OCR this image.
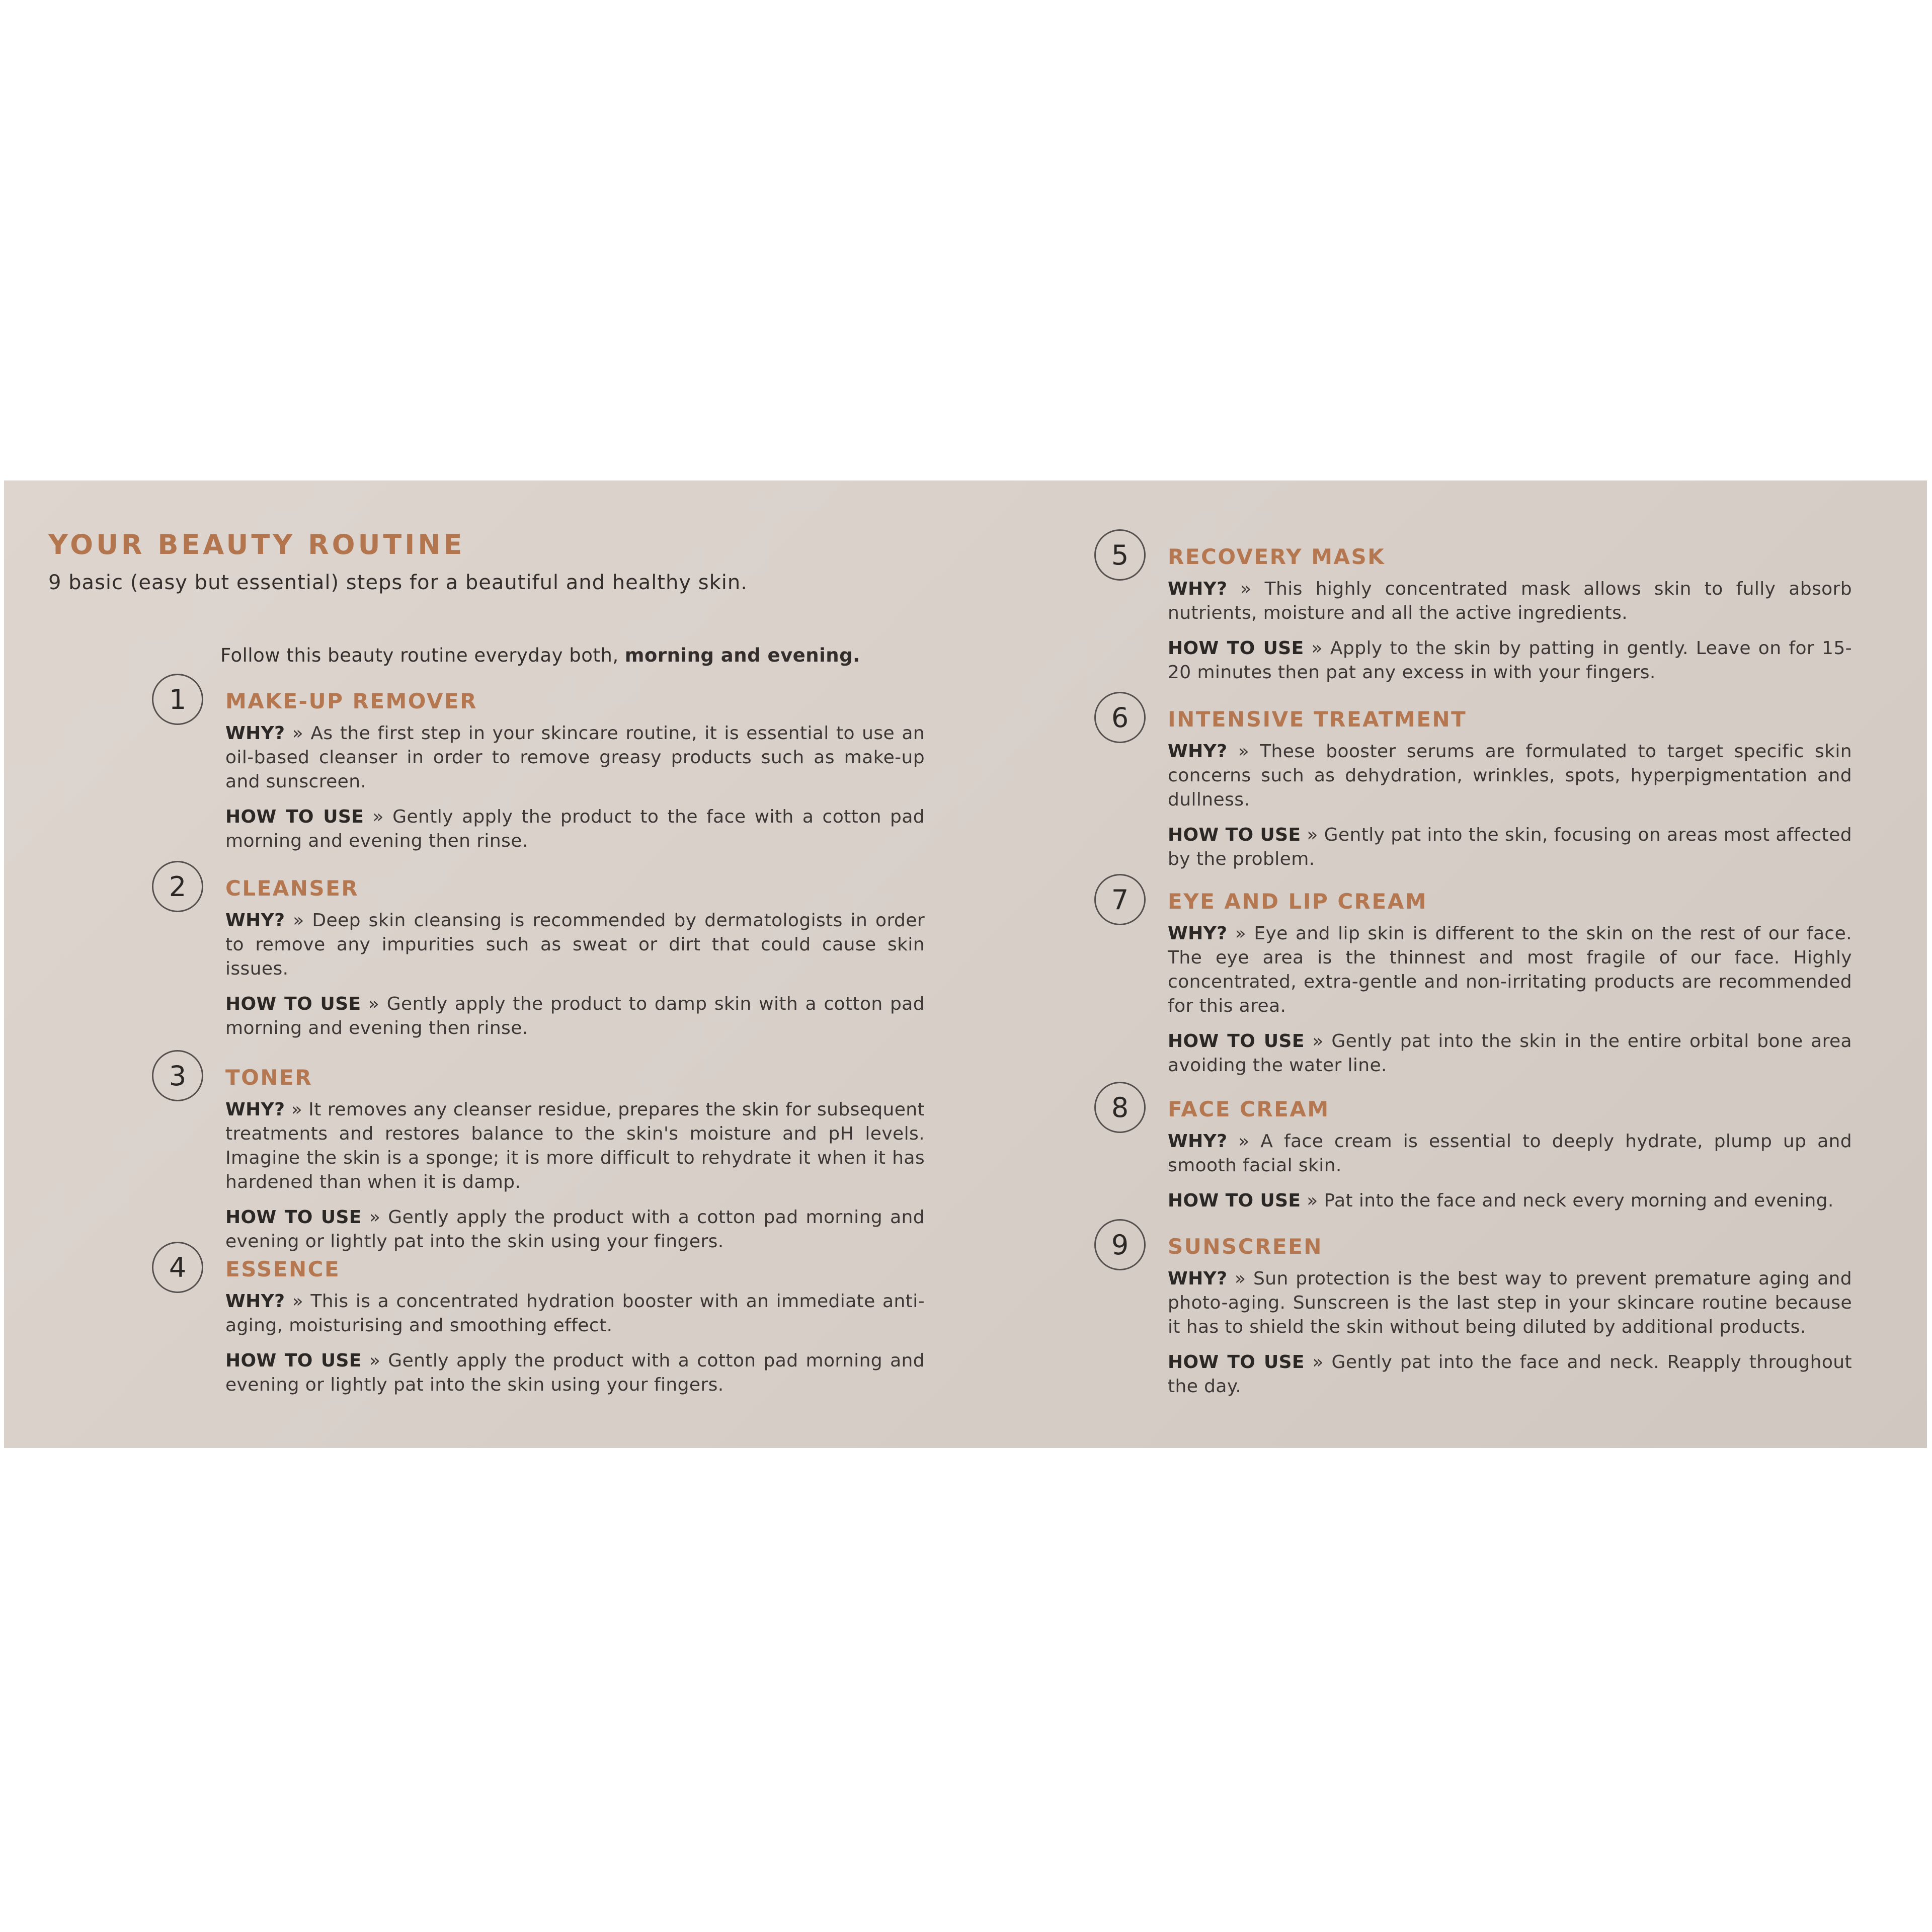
YOUR BEAUTY ROUTINE
9 basic (easy but essential) steps for a beautiful and healthy skin.
Follow this beauty routine everyday both, morning and evening.
1 MAKE-UP REMOVER

WHY? » As the first step in your skincare routine, it is essential to use an oil-based cleanser in order to remove greasy products such as make-up and sunscreen.

HOW TO USE » Gently apply the product to the face with a cotton pad morning and evening then rinse.

2 CLEANSER

WHY? » Deep skin cleansing is recommended by dermatologists in order to remove any impurities such as sweat or dirt that could cause skin issues.

HOW TO USE » Gently apply the product to damp skin with a cotton pad morning and evening then rinse.

3 TONER

WHY? » It removes any cleanser residue, prepares the skin for subsequent treatments and restores balance to the skin's moisture and pH levels. Imagine the skin is a sponge; it is more difficult to rehydrate it when it has hardened than when it is damp.

HOW TO USE » Gently apply the product with a cotton pad morning and evening or lightly pat into the skin using your fingers.

4 ESSENCE

WHY? » This is a concentrated hydration booster with an immediate anti-aging, moisturising and smoothing effect.

HOW TO USE » Gently apply the product with a cotton pad morning and evening or lightly pat into the skin using your fingers.

5 RECOVERY MASK

WHY? » This highly concentrated mask allows skin to fully absorb nutrients, moisture and all the active ingredients.

HOW TO USE » Apply to the skin by patting in gently. Leave on for 15-20 minutes then pat any excess in with your fingers.

6 INTENSIVE TREATMENT

WHY? » These booster serums are formulated to target specific skin concerns such as dehydration, wrinkles, spots, hyperpigmentation and dullness.

HOW TO USE » Gently pat into the skin, focusing on areas most affected by the problem.

7 EYE AND LIP CREAM

WHY? » Eye and lip skin is different to the skin on the rest of our face. The eye area is the thinnest and most fragile of our face. Highly concentrated, extra-gentle and non-irritating products are recommended for this area.

HOW TO USE » Gently pat into the skin in the entire orbital bone area avoiding the water line.

8 FACE CREAM

WHY? » A face cream is essential to deeply hydrate, plump up and smooth facial skin.

HOW TO USE » Pat into the face and neck every morning and evening.

9 SUNSCREEN

WHY? » Sun protection is the best way to prevent premature aging and photo-aging. Sunscreen is the last step in your skincare routine because it has to shield the skin without being diluted by additional products.

HOW TO USE » Gently pat into the face and neck. Reapply throughout the day.
